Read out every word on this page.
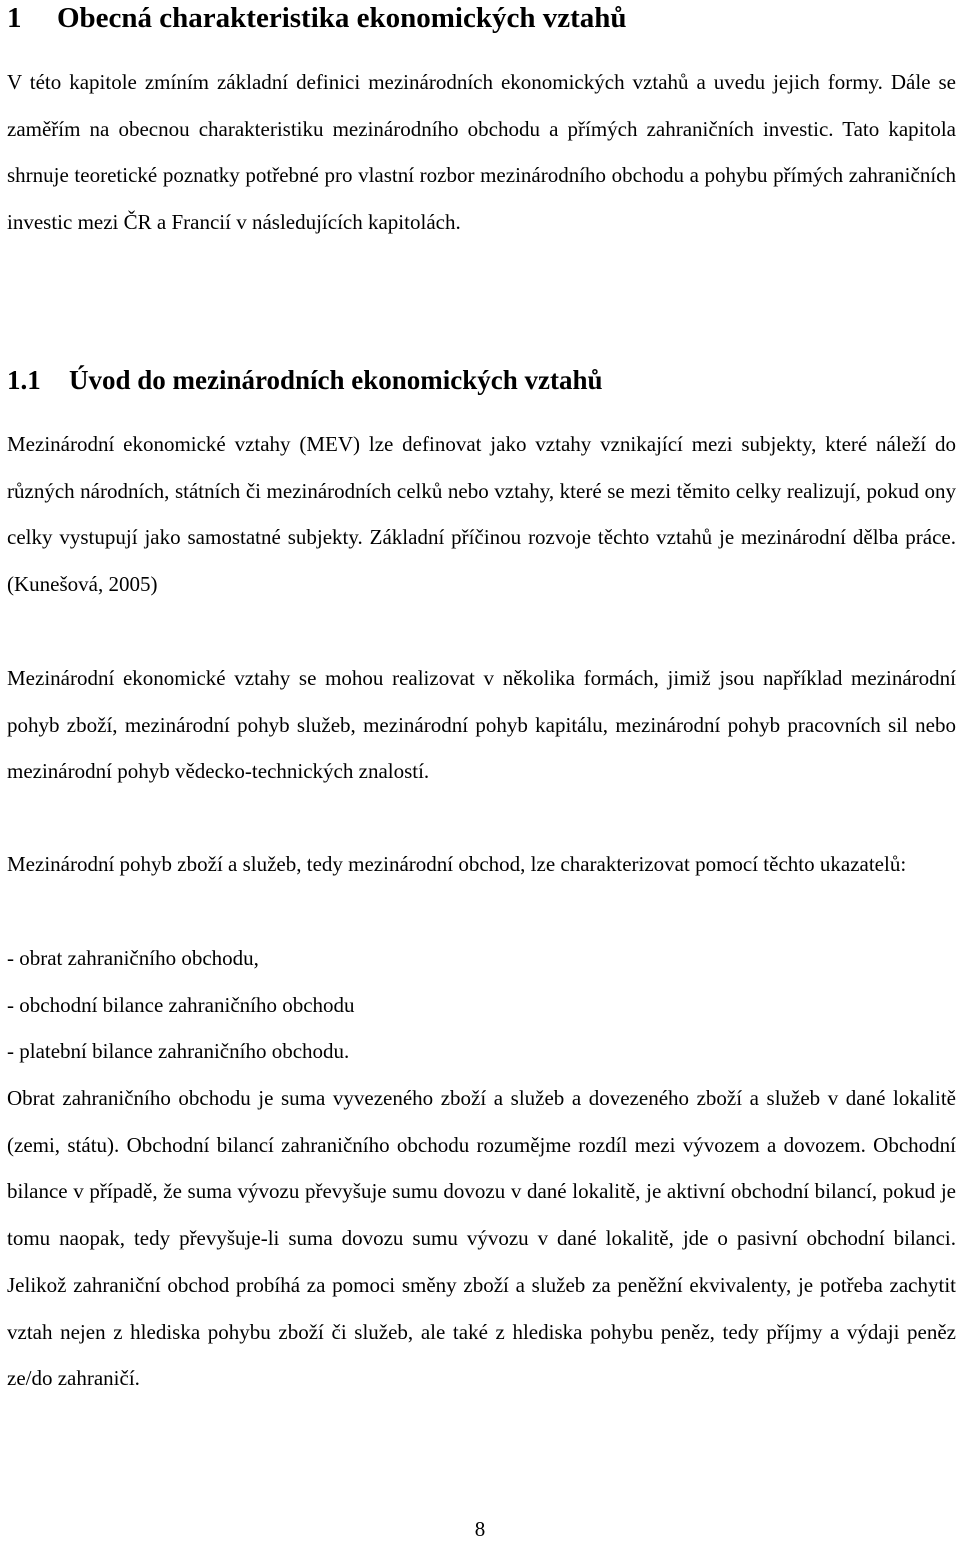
1 Obecná charakteristika ekonomických vztahů

V této kapitole zmíním základní definici mezinárodních ekonomických vztahů a uvedu jejich formy. Dále se zaměřím na obecnou charakteristiku mezinárodního obchodu a přímých zahraničních investic. Tato kapitola shrnuje teoretické poznatky potřebné pro vlastní rozbor mezinárodního obchodu a pohybu přímých zahraničních investic mezi ČR a Francií v následujících kapitolách.

1.1 Úvod do mezinárodních ekonomických vztahů

Mezinárodní ekonomické vztahy (MEV) lze definovat jako vztahy vznikající mezi subjekty, které náleží do různých národních, státních či mezinárodních celků nebo vztahy, které se mezi těmito celky realizují, pokud ony celky vystupují jako samostatné subjekty. Základní příčinou rozvoje těchto vztahů je mezinárodní dělba práce. (Kunešová, 2005)

Mezinárodní ekonomické vztahy se mohou realizovat v několika formách, jimiž jsou například mezinárodní pohyb zboží, mezinárodní pohyb služeb, mezinárodní pohyb kapitálu, mezinárodní pohyb pracovních sil nebo mezinárodní pohyb vědecko-technických znalostí.

Mezinárodní pohyb zboží a služeb, tedy mezinárodní obchod, lze charakterizovat pomocí těchto ukazatelů:

- obrat zahraničního obchodu,
- obchodní bilance zahraničního obchodu
- platební bilance zahraničního obchodu.

Obrat zahraničního obchodu je suma vyvezeného zboží a služeb a dovezeného zboží a služeb v dané lokalitě (zemi, státu). Obchodní bilancí zahraničního obchodu rozumějme rozdíl mezi vývozem a dovozem. Obchodní bilance v případě, že suma vývozu převyšuje sumu dovozu v dané lokalitě, je aktivní obchodní bilancí, pokud je tomu naopak, tedy převyšuje-li suma dovozu sumu vývozu v dané lokalitě, jde o pasivní obchodní bilanci. Jelikož zahraniční obchod probíhá za pomoci směny zboží a služeb za peněžní ekvivalenty, je potřeba zachytit vztah nejen z hlediska pohybu zboží či služeb, ale také z hlediska pohybu peněz, tedy příjmy a výdaji peněz ze/do zahraničí.

8
